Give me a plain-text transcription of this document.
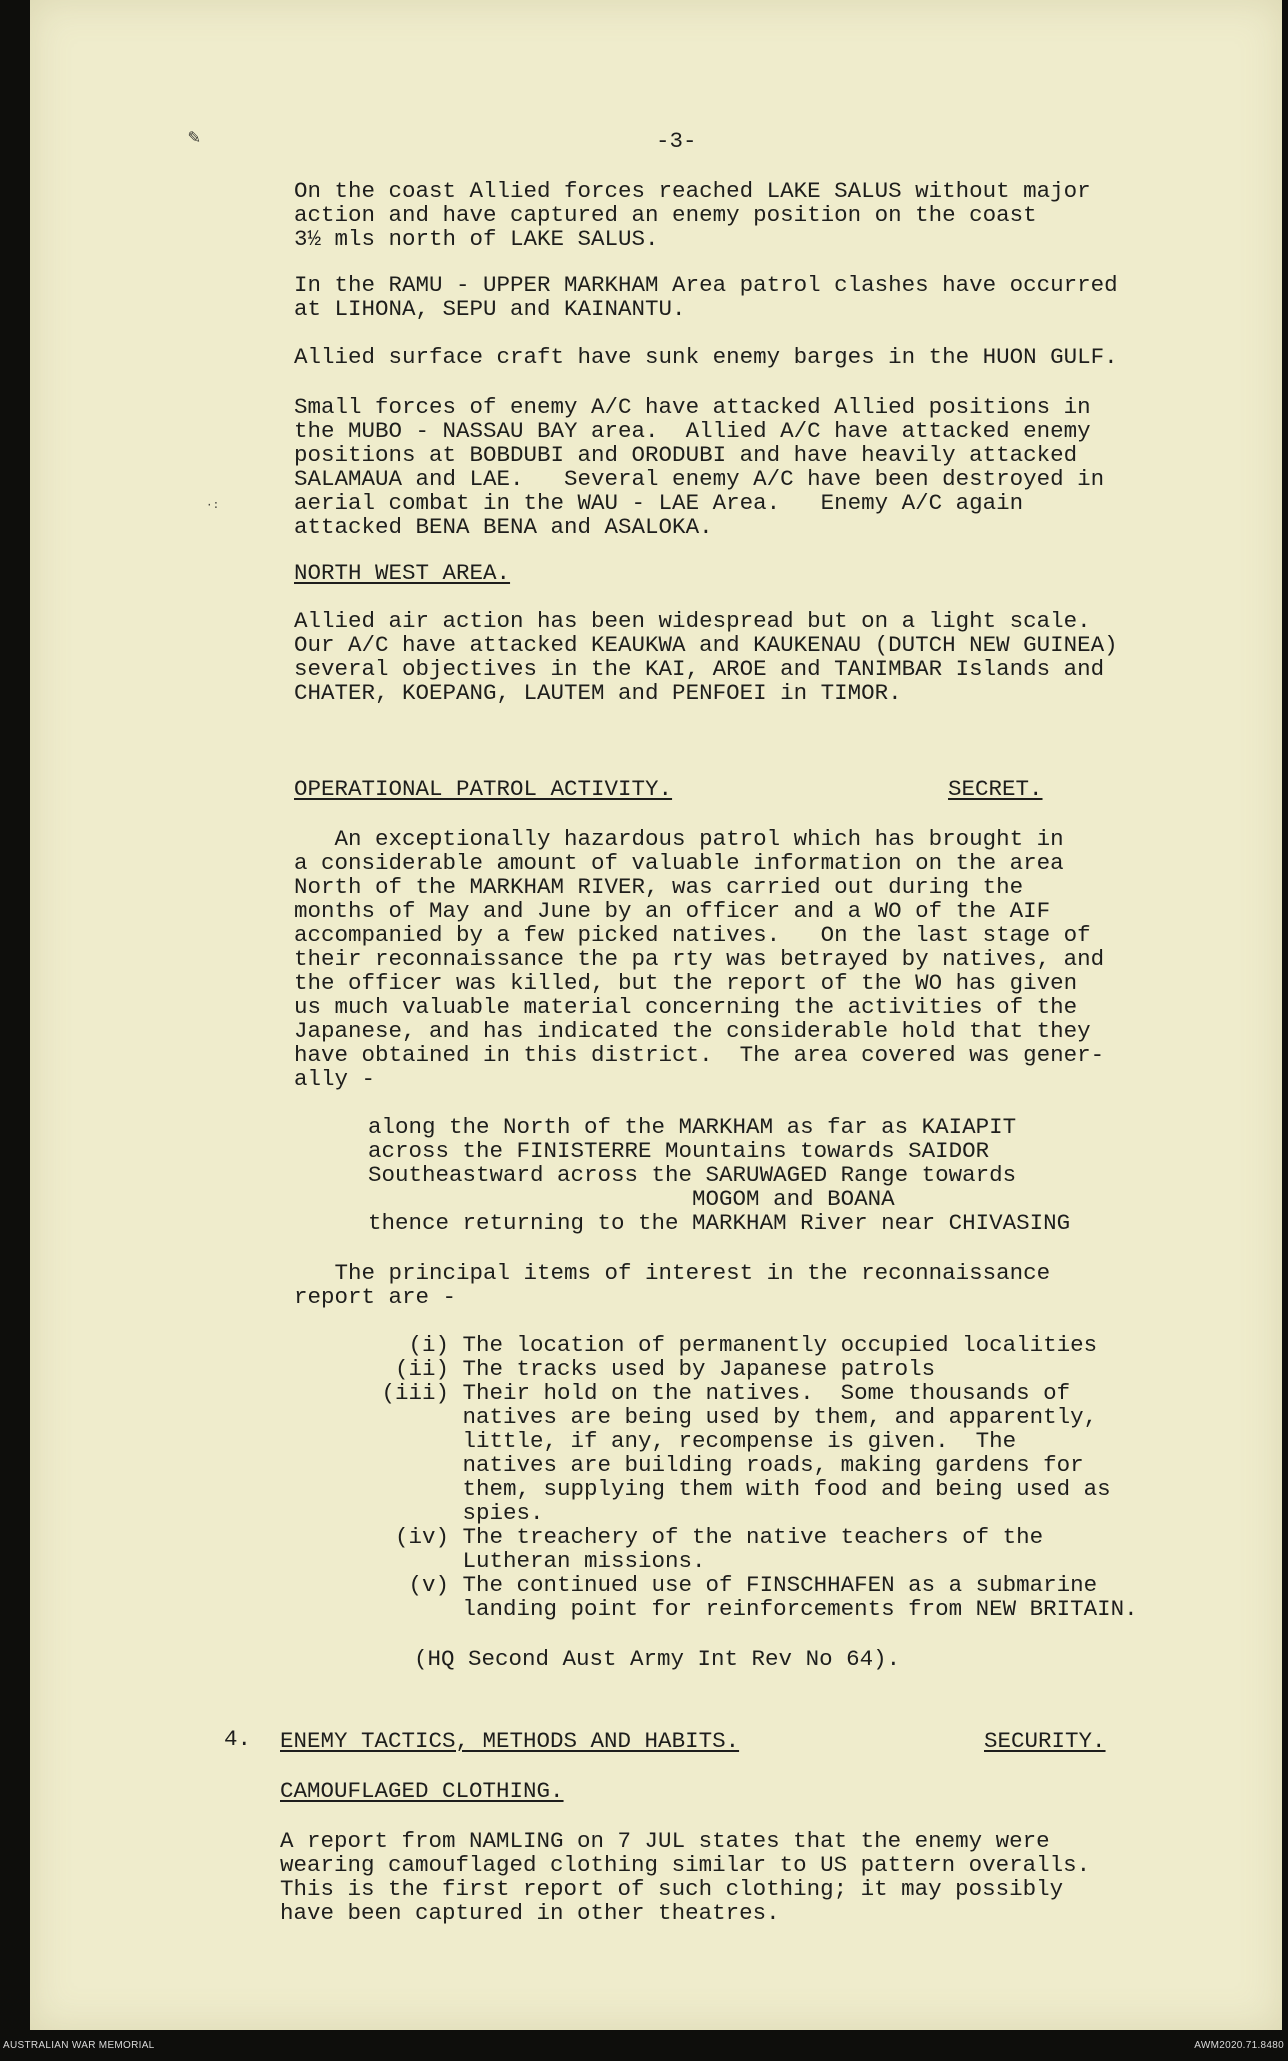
-3-
✎
·:
On the coast Allied forces reached LAKE SALUS without major
action and have captured an enemy position on the coast
3½ mls north of LAKE SALUS.
In the RAMU - UPPER MARKHAM Area patrol clashes have occurred
at LIHONA, SEPU and KAINANTU.
Allied surface craft have sunk enemy barges in the HUON GULF.
Small forces of enemy A/C have attacked Allied positions in
the MUBO - NASSAU BAY area.  Allied A/C have attacked enemy
positions at BOBDUBI and ORODUBI and have heavily attacked
SALAMAUA and LAE.   Several enemy A/C have been destroyed in
aerial combat in the WAU - LAE Area.   Enemy A/C again
attacked BENA BENA and ASALOKA.
NORTH WEST AREA.
Allied air action has been widespread but on a light scale.
Our A/C have attacked KEAUKWA and KAUKENAU (DUTCH NEW GUINEA)
several objectives in the KAI, AROE and TANIMBAR Islands and
CHATER, KOEPANG, LAUTEM and PENFOEI in TIMOR.
OPERATIONAL PATROL ACTIVITY.	SECRET.
An exceptionally hazardous patrol which has brought in
a considerable amount of valuable information on the area
North of the MARKHAM RIVER, was carried out during the
months of May and June by an officer and a WO of the AIF
accompanied by a few picked natives.   On the last stage of
their reconnaissance the pa rty was betrayed by natives, and
the officer was killed, but the report of the WO has given
us much valuable material concerning the activities of the
Japanese, and has indicated the considerable hold that they
have obtained in this district.  The area covered was gener-
ally -
along the North of the MARKHAM as far as KAIAPIT
across the FINISTERRE Mountains towards SAIDOR
Southeastward across the SARUWAGED Range towards
MOGOM and BOANA
thence returning to the MARKHAM River near CHIVASING
The principal items of interest in the reconnaissance
report are -
(i) The location of permanently occupied localities
(ii) The tracks used by Japanese patrols
(iii) Their hold on the natives.  Some thousands of
natives are being used by them, and apparently,
little, if any, recompense is given.  The
natives are building roads, making gardens for
them, supplying them with food and being used as
spies.
(iv) The treachery of the native teachers of the
Lutheran missions.
(v) The continued use of FINSCHHAFEN as a submarine
landing point for reinforcements from NEW BRITAIN.
(HQ Second Aust Army Int Rev No 64).
4. ENEMY TACTICS, METHODS AND HABITS.	SECURITY.
CAMOUFLAGED CLOTHING.
A report from NAMLING on 7 JUL states that the enemy were
wearing camouflaged clothing similar to US pattern overalls.
This is the first report of such clothing; it may possibly
have been captured in other theatres.
AUSTRALIAN WAR MEMORIAL	AWM2020.71.8480
